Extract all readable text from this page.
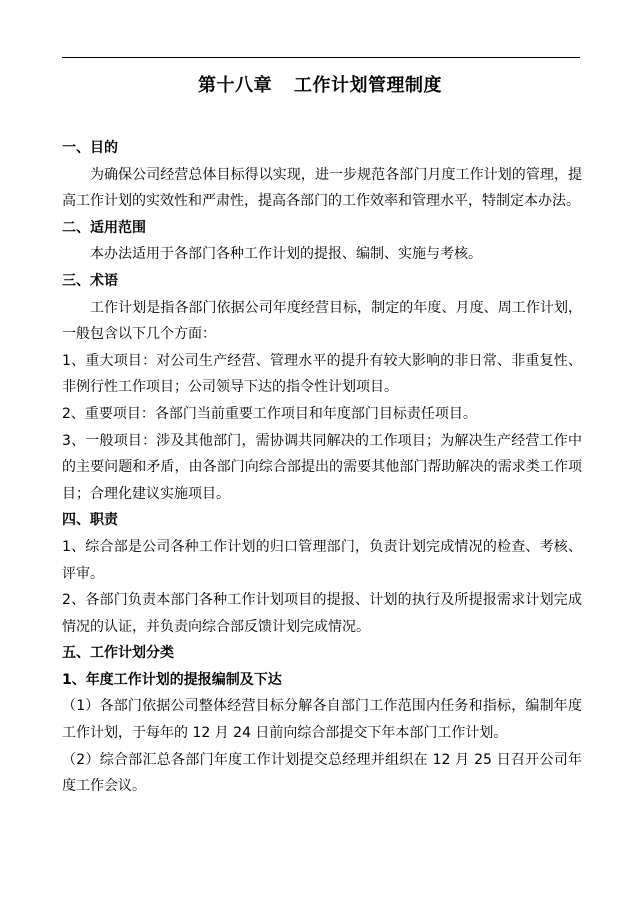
第十八章 工作计划管理制度

一、目的

为确保公司经营总体目标得以实现，进一步规范各部门月度工作计划的管理，提高工作计划的实效性和严肃性，提高各部门的工作效率和管理水平，特制定本办法。

二、适用范围

本办法适用于各部门各种工作计划的提报、编制、实施与考核。

三、术语

工作计划是指各部门依据公司年度经营目标，制定的年度、月度、周工作计划，一般包含以下几个方面：

1、重大项目：对公司生产经营、管理水平的提升有较大影响的非日常、非重复性、非例行性工作项目；公司领导下达的指令性计划项目。

2、重要项目：各部门当前重要工作项目和年度部门目标责任项目。

3、一般项目：涉及其他部门，需协调共同解决的工作项目；为解决生产经营工作中的主要问题和矛盾，由各部门向综合部提出的需要其他部门帮助解决的需求类工作项目；合理化建议实施项目。

四、职责

1、综合部是公司各种工作计划的归口管理部门，负责计划完成情况的检查、考核、评审。

2、各部门负责本部门各种工作计划项目的提报、计划的执行及所提报需求计划完成情况的认证，并负责向综合部反馈计划完成情况。

五、工作计划分类

1、年度工作计划的提报编制及下达

（1）各部门依据公司整体经营目标分解各自部门工作范围内任务和指标，编制年度工作计划，于每年的 12 月 24 日前向综合部提交下年本部门工作计划。

（2）综合部汇总各部门年度工作计划提交总经理并组织在 12 月 25 日召开公司年度工作会议。
